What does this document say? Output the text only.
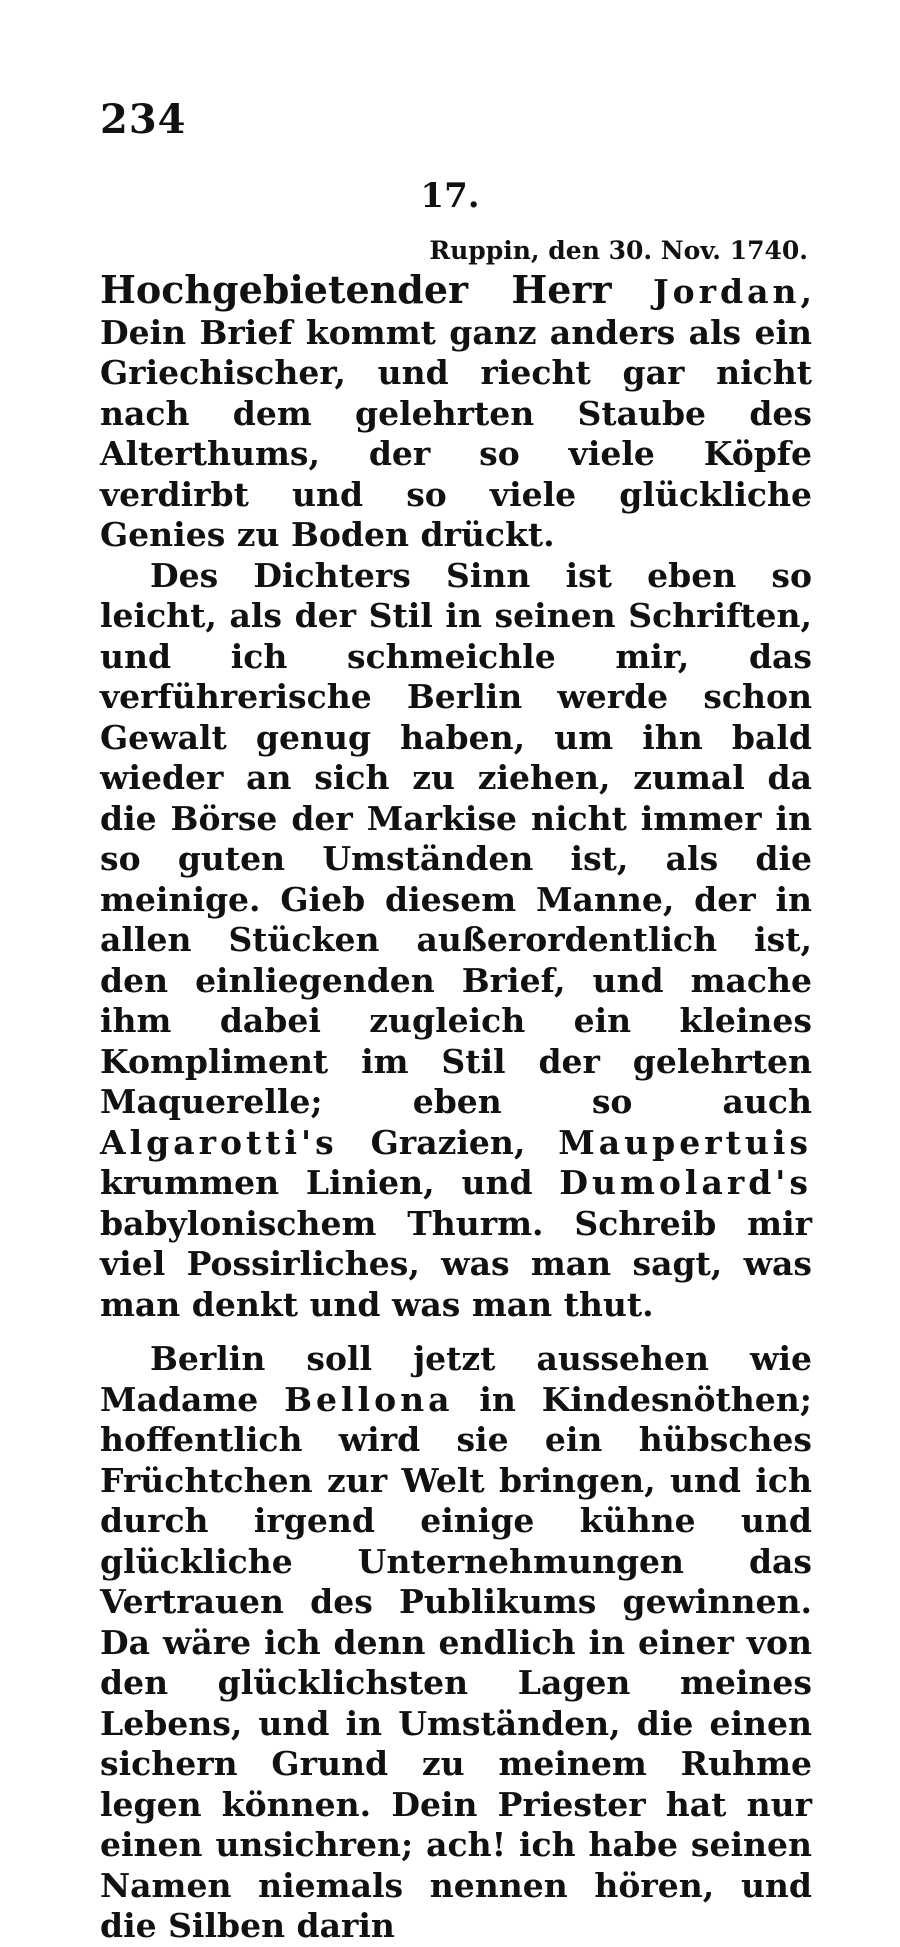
234
17.
Ruppin, den 30. Nov. 1740.

Hochgebietender Herr Jordan, Dein Brief kommt ganz anders als ein Griechischer, und riecht gar nicht nach dem gelehrten Staube des Alterthums, der so viele Köpfe verdirbt und so viele glückliche Genies zu Boden drückt.

Des Dichters Sinn ist eben so leicht, als der Stil in seinen Schriften, und ich schmeichle mir, das verführerische Berlin werde schon Gewalt genug haben, um ihn bald wieder an sich zu ziehen, zumal da die Börse der Markise nicht immer in so guten Umständen ist, als die meinige. Gieb diesem Manne, der in allen Stücken außerordentlich ist, den einliegenden Brief, und mache ihm dabei zugleich ein kleines Kompliment im Stil der gelehrten Maquerelle; eben so auch Algarotti's Grazien, Maupertuis krummen Linien, und Dumolard's babylonischem Thurm. Schreib mir viel Possirliches, was man sagt, was man denkt und was man thut.

Berlin soll jetzt aussehen wie Madame Bellona in Kindesnöthen; hoffentlich wird sie ein hübsches Früchtchen zur Welt bringen, und ich durch irgend einige kühne und glückliche Unternehmungen das Vertrauen des Publikums gewinnen. Da wäre ich denn endlich in einer von den glücklichsten Lagen meines Lebens, und in Umständen, die einen sichern Grund zu meinem Ruhme legen können. Dein Priester hat nur einen unsichren; ach! ich habe seinen Namen niemals nennen hören, und die Silben darin
